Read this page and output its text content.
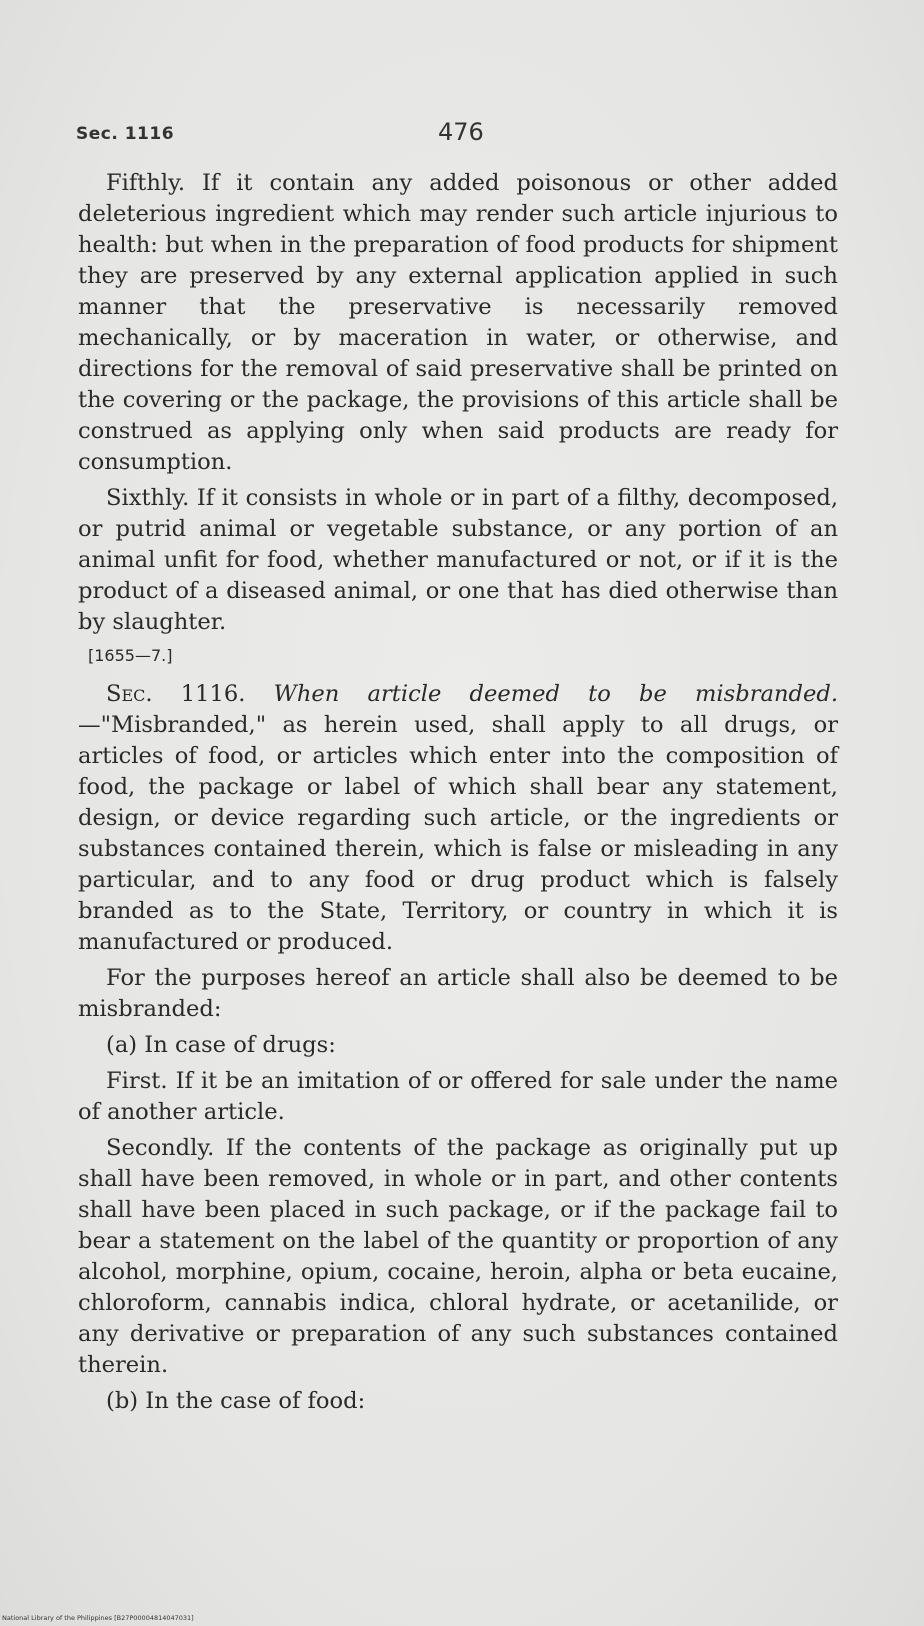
Sec. 1116	476

Fifthly. If it contain any added poisonous or other added deleterious ingredient which may render such article injurious to health: but when in the preparation of food products for shipment they are preserved by any external application applied in such manner that the preservative is necessarily removed mechanically, or by maceration in water, or otherwise, and directions for the removal of said preservative shall be printed on the covering or the package, the provisions of this article shall be construed as applying only when said products are ready for consumption.

Sixthly. If it consists in whole or in part of a filthy, decomposed, or putrid animal or vegetable substance, or any portion of an animal unfit for food, whether manufactured or not, or if it is the product of a diseased animal, or one that has died otherwise than by slaughter.

[1655—7.]

Sec. 1116. When article deemed to be misbranded.—"Misbranded," as herein used, shall apply to all drugs, or articles of food, or articles which enter into the composition of food, the package or label of which shall bear any statement, design, or device regarding such article, or the ingredients or substances contained therein, which is false or misleading in any particular, and to any food or drug product which is falsely branded as to the State, Territory, or country in which it is manufactured or produced.

For the purposes hereof an article shall also be deemed to be misbranded:

(a) In case of drugs:

First. If it be an imitation of or offered for sale under the name of another article.

Secondly. If the contents of the package as originally put up shall have been removed, in whole or in part, and other contents shall have been placed in such package, or if the package fail to bear a statement on the label of the quantity or proportion of any alcohol, morphine, opium, cocaine, heroin, alpha or beta eucaine, chloroform, cannabis indica, chloral hydrate, or acetanilide, or any derivative or preparation of any such substances contained therein.

(b) In the case of food:

National Library of the Philippines [B27P00004814047031]
